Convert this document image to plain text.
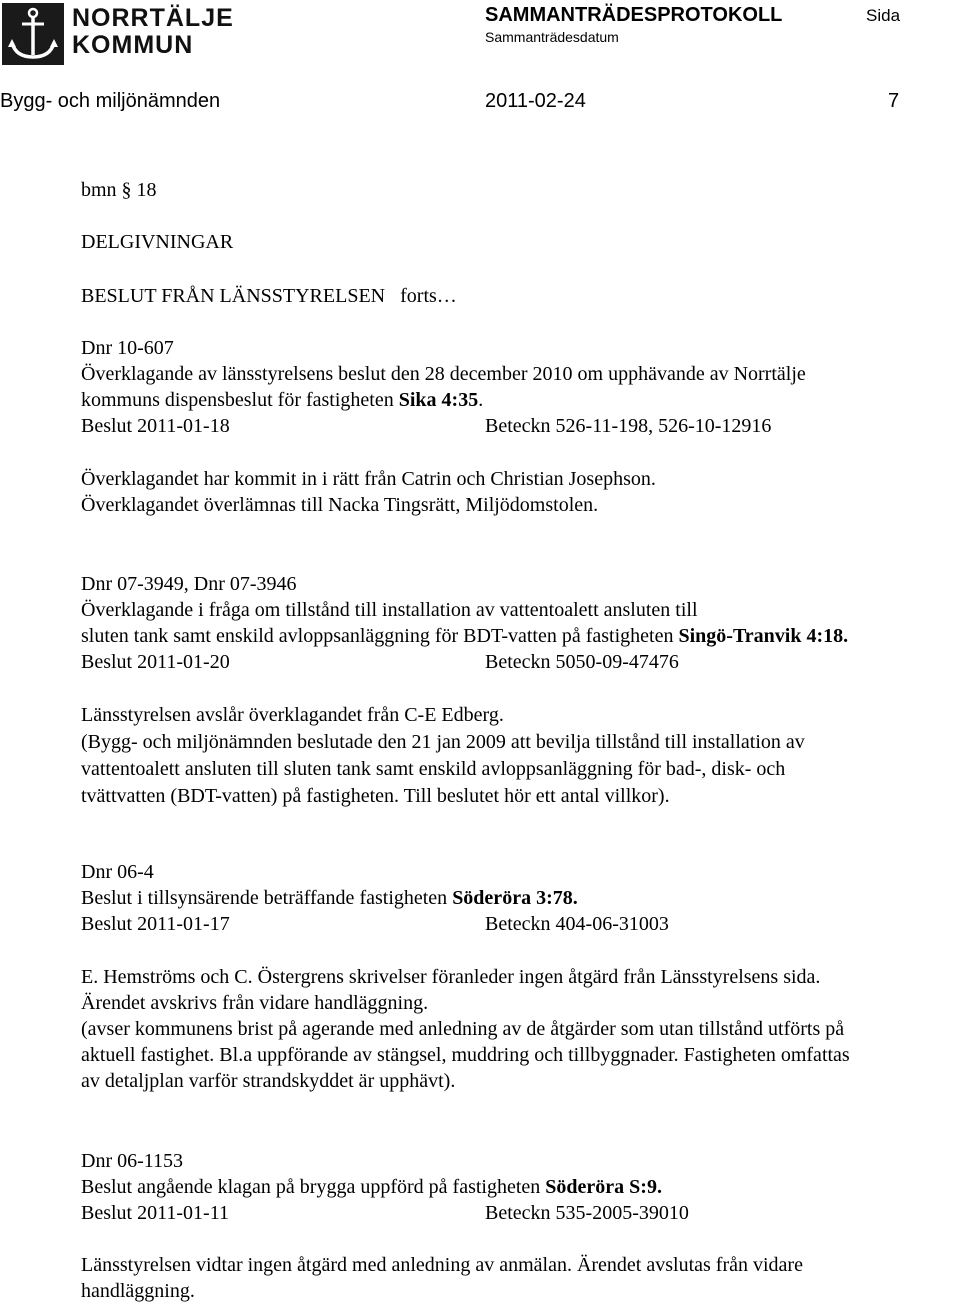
NORRTÄLJE
KOMMUN
SAMMANTRÄDESPROTOKOLL	Sida
Sammanträdesdatum
Bygg- och miljönämnden	2011-02-24	7
bmn § 18
DELGIVNINGAR
BESLUT FRÅN LÄNSSTYRELSEN forts…
Dnr 10-607
Överklagande av länsstyrelsens beslut den 28 december 2010 om upphävande av Norrtälje
kommuns dispensbeslut för fastigheten Sika 4:35.
Beslut 2011-01-18	Beteckn 526-11-198, 526-10-12916
Överklagandet har kommit in i rätt från Catrin och Christian Josephson.
Överklagandet överlämnas till Nacka Tingsrätt, Miljödomstolen.
Dnr 07-3949, Dnr 07-3946
Överklagande i fråga om tillstånd till installation av vattentoalett ansluten till
sluten tank samt enskild avloppsanläggning för BDT-vatten på fastigheten Singö-Tranvik 4:18.
Beslut 2011-01-20	Beteckn 5050-09-47476
Länsstyrelsen avslår överklagandet från C-E Edberg.
(Bygg- och miljönämnden beslutade den 21 jan 2009 att bevilja tillstånd till installation av
vattentoalett ansluten till sluten tank samt enskild avloppsanläggning för bad-, disk- och
tvättvatten (BDT-vatten) på fastigheten. Till beslutet hör ett antal villkor).
Dnr 06-4
Beslut i tillsynsärende beträffande fastigheten Söderöra 3:78.
Beslut 2011-01-17	Beteckn 404-06-31003
E. Hemströms och C. Östergrens skrivelser föranleder ingen åtgärd från Länsstyrelsens sida.
Ärendet avskrivs från vidare handläggning.
(avser kommunens brist på agerande med anledning av de åtgärder som utan tillstånd utförts på
aktuell fastighet. Bl.a uppförande av stängsel, muddring och tillbyggnader. Fastigheten omfattas
av detaljplan varför strandskyddet är upphävt).
Dnr 06-1153
Beslut angående klagan på brygga uppförd på fastigheten Söderöra S:9.
Beslut 2011-01-11	Beteckn 535-2005-39010
Länsstyrelsen vidtar ingen åtgärd med anledning av anmälan. Ärendet avslutas från vidare
handläggning.
